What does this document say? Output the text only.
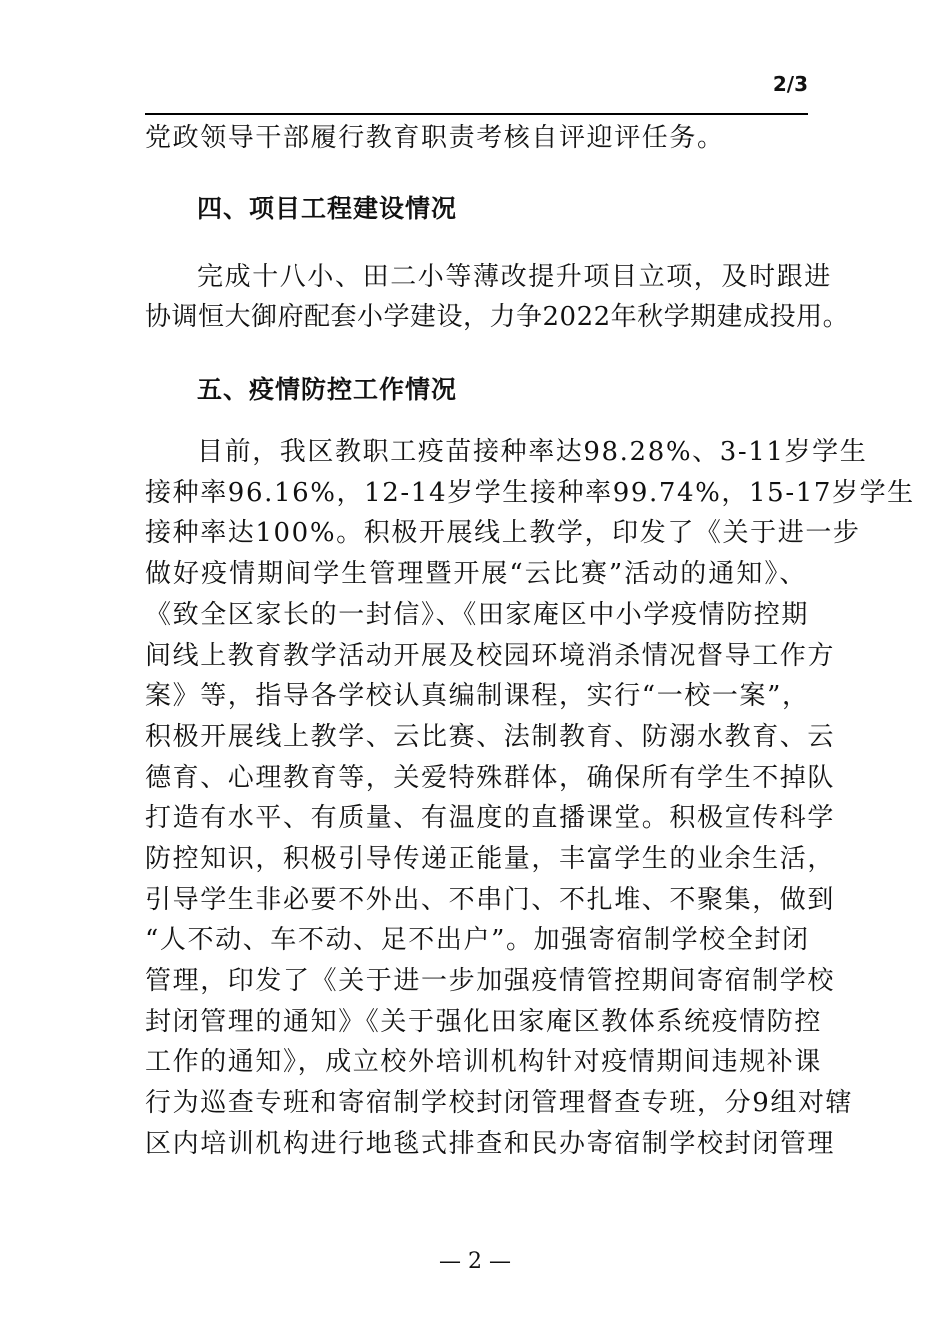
2/3
党政领导干部履行教育职责考核自评迎评任务。
四、项目工程建设情况
完成十八小、田二小等薄改提升项目立项，及时跟进
协调恒大御府配套小学建设，力争2022年秋学期建成投用。
五、疫情防控工作情况
目前，我区教职工疫苗接种率达98.28%、3-11岁学生
接种率96.16%，12-14岁学生接种率99.74%，15-17岁学生
接种率达100%。积极开展线上教学，印发了《关于进一步
做好疫情期间学生管理暨开展“云比赛”活动的通知》、
《致全区家长的一封信》、《田家庵区中小学疫情防控期
间线上教育教学活动开展及校园环境消杀情况督导工作方
案》等，指导各学校认真编制课程，实行“一校一案”，
积极开展线上教学、云比赛、法制教育、防溺水教育、云
德育、心理教育等，关爱特殊群体，确保所有学生不掉队
打造有水平、有质量、有温度的直播课堂。积极宣传科学
防控知识，积极引导传递正能量，丰富学生的业余生活，
引导学生非必要不外出、不串门、不扎堆、不聚集，做到
“人不动、车不动、足不出户”。加强寄宿制学校全封闭
管理，印发了《关于进一步加强疫情管控期间寄宿制学校
封闭管理的通知》《关于强化田家庵区教体系统疫情防控
工作的通知》，成立校外培训机构针对疫情期间违规补课
行为巡查专班和寄宿制学校封闭管理督查专班，分9组对辖
区内培训机构进行地毯式排查和民办寄宿制学校封闭管理
— 2 —
